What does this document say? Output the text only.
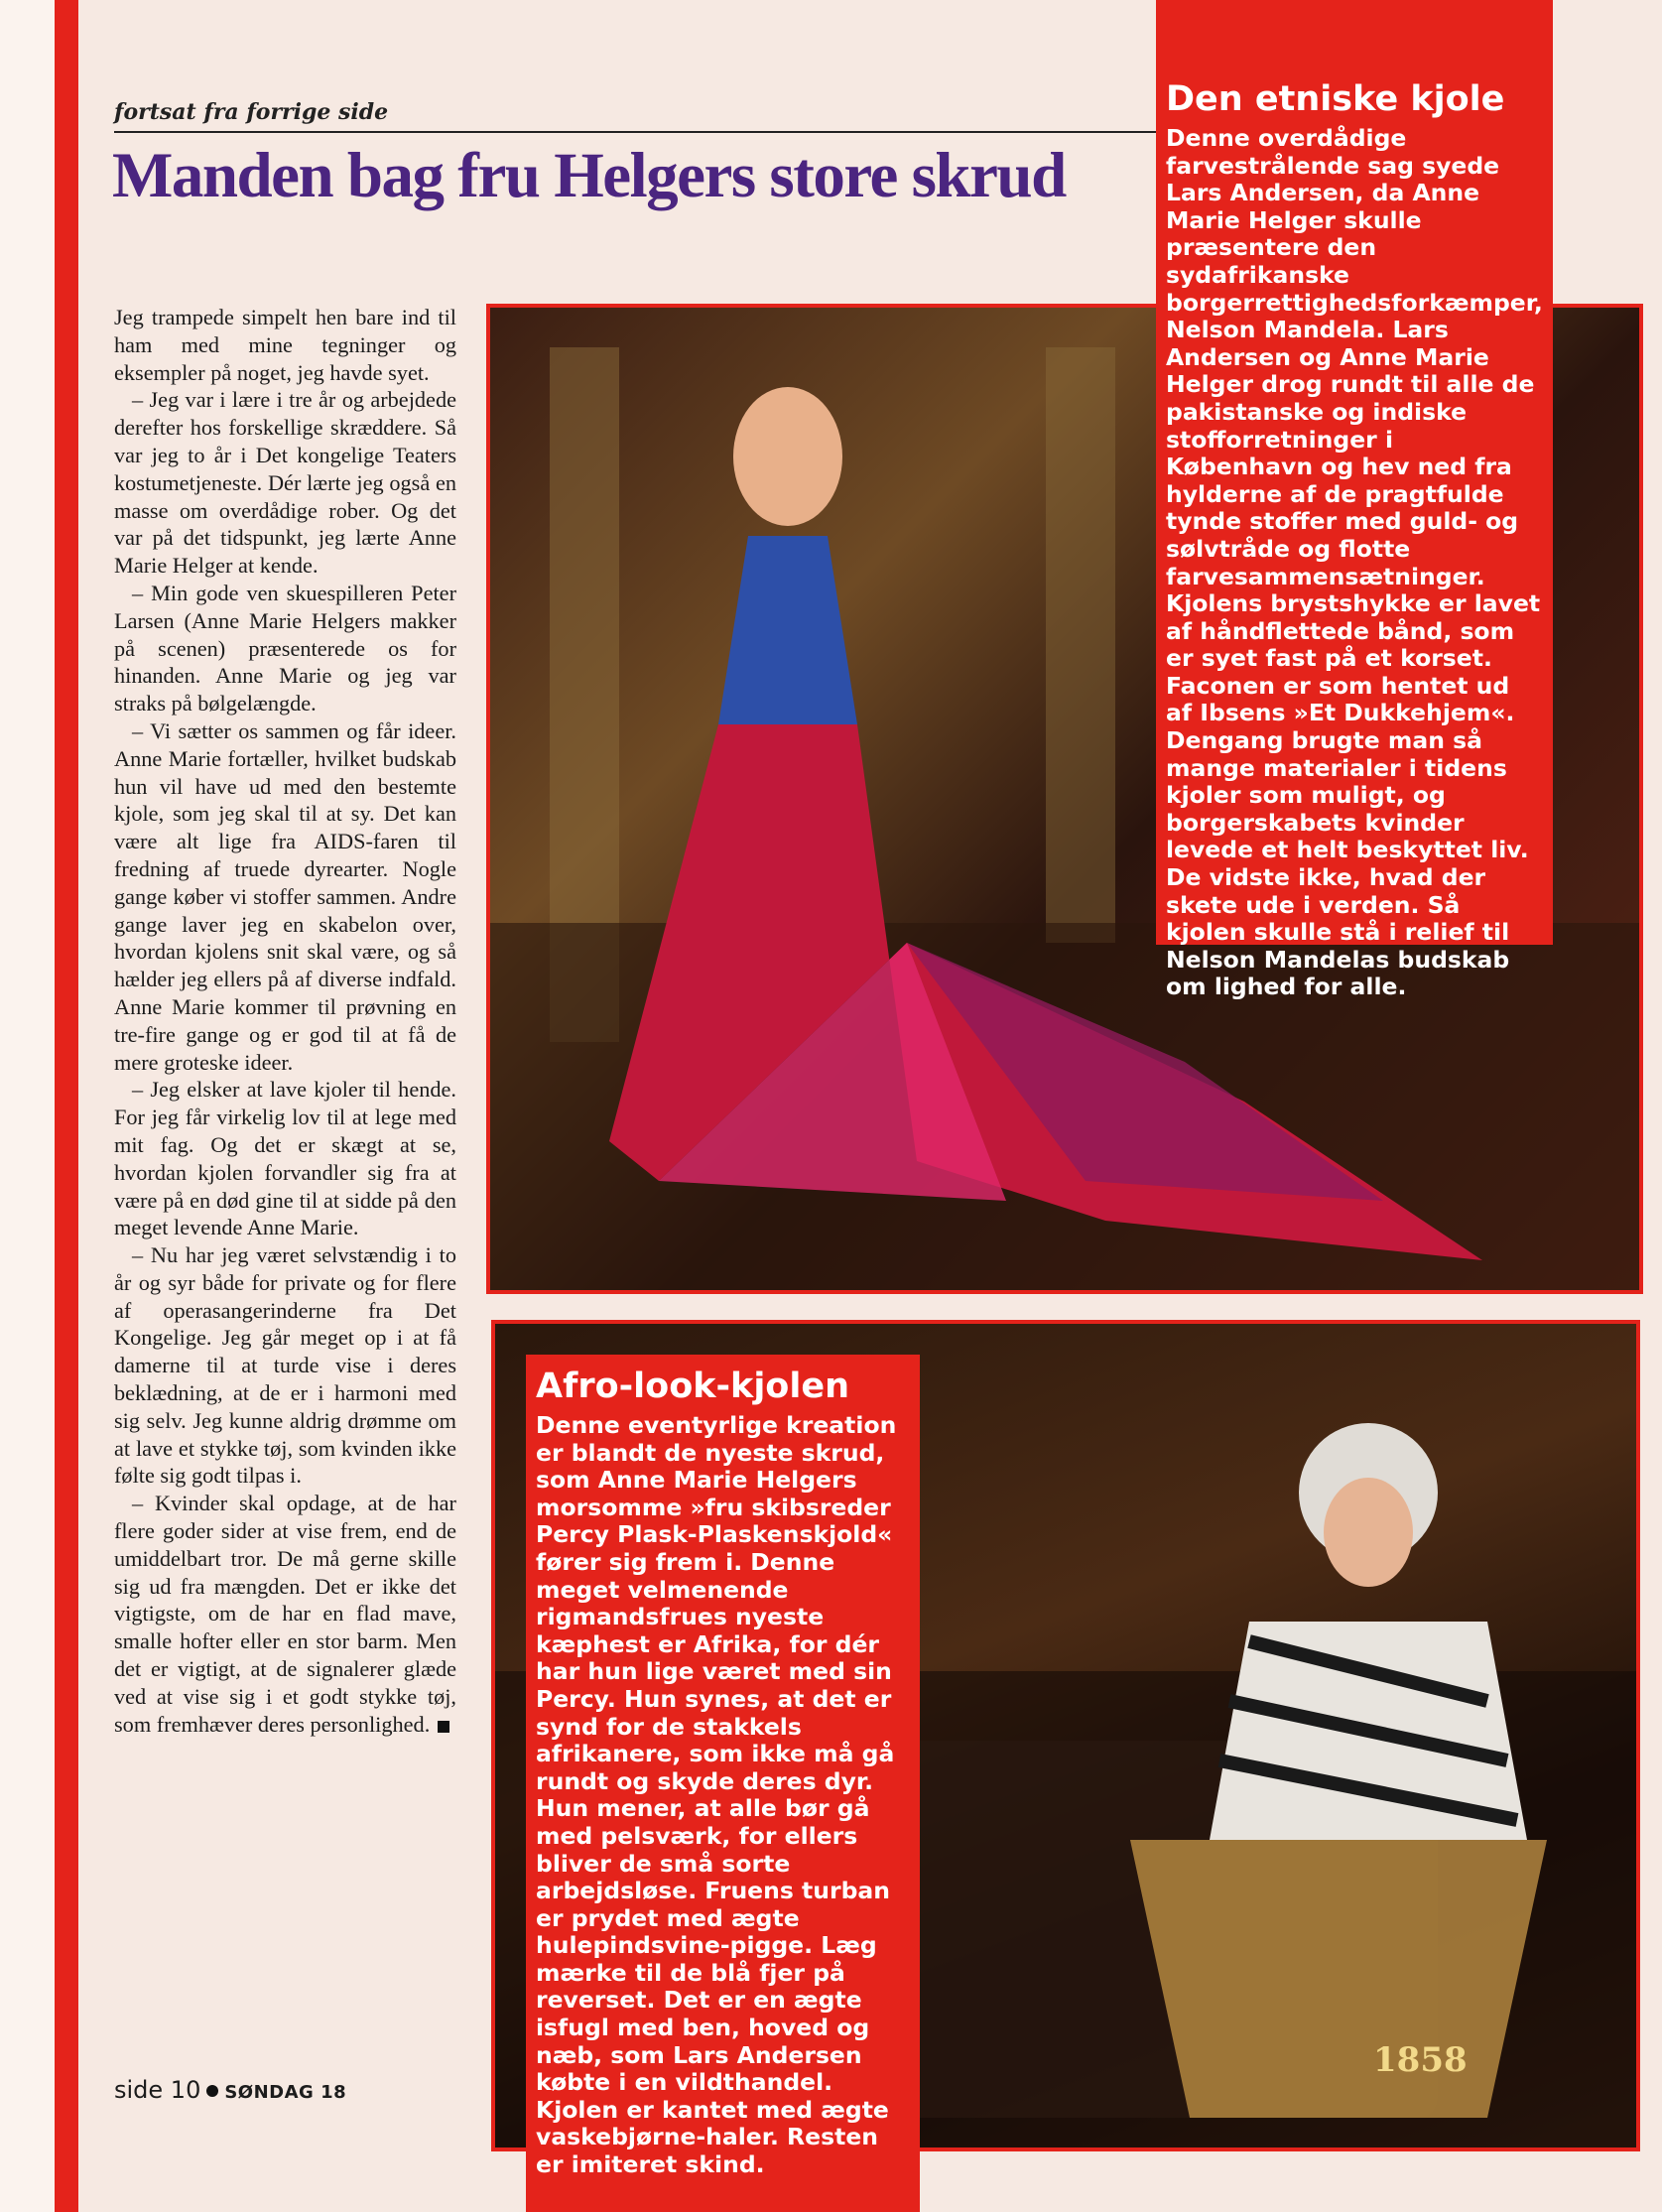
fortsat fra forrige side
Manden bag fru Helgers store skrud

Jeg trampede simpelt hen bare ind til ham med mine tegninger og eksempler på noget, jeg havde syet.

– Jeg var i lære i tre år og arbejdede derefter hos forskellige skræddere. Så var jeg to år i Det kongelige Teaters kostumetjeneste. Dér lærte jeg også en masse om overdådige rober. Og det var på det tidspunkt, jeg lærte Anne Marie Helger at kende.

– Min gode ven skuespilleren Peter Larsen (Anne Marie Helgers makker på scenen) præsenterede os for hinanden. Anne Marie og jeg var straks på bølgelængde.

– Vi sætter os sammen og får ideer. Anne Marie fortæller, hvilket budskab hun vil have ud med den bestemte kjole, som jeg skal til at sy. Det kan være alt lige fra AIDS-faren til fredning af truede dyrearter. Nogle gange køber vi stoffer sammen. Andre gange laver jeg en skabelon over, hvordan kjolens snit skal være, og så hælder jeg ellers på af diverse indfald. Anne Marie kommer til prøvning en tre-fire gange og er god til at få de mere groteske ideer.

– Jeg elsker at lave kjoler til hende. For jeg får virkelig lov til at lege med mit fag. Og det er skægt at se, hvordan kjolen forvandler sig fra at være på en død gine til at sidde på den meget levende Anne Marie.

– Nu har jeg været selvstændig i to år og syr både for private og for flere af operasangerinderne fra Det Kongelige. Jeg går meget op i at få damerne til at turde vise i deres beklædning, at de er i harmoni med sig selv. Jeg kunne aldrig drømme om at lave et stykke tøj, som kvinden ikke følte sig godt tilpas i.

– Kvinder skal opdage, at de har flere goder sider at vise frem, end de umiddelbart tror. De må gerne skille sig ud fra mængden. Det er ikke det vigtigste, om de har en flad mave, smalle hofter eller en stor barm. Men det er vigtigt, at de signalerer glæde ved at vise sig i et godt stykke tøj, som fremhæver deres personlighed.

side 10 SØNDAG 18
1858
Den etniske kjole
Denne overdådige farvestrålende sag syede Lars Andersen, da Anne Marie Helger skulle præsentere den sydafrikanske borgerrettighedsforkæmper, Nelson Mandela. Lars Andersen og Anne Marie Helger drog rundt til alle de pakistanske og indiske stofforretninger i København og hev ned fra hylderne af de pragtfulde tynde stoffer med guld- og sølvtråde og flotte farvesammensætninger. Kjolens brystshykke er lavet af håndflettede bånd, som er syet fast på et korset. Faconen er som hentet ud af Ibsens »Et Dukkehjem«. Dengang brugte man så mange materialer i tidens kjoler som muligt, og borgerskabets kvinder levede et helt beskyttet liv. De vidste ikke, hvad der skete ude i verden. Så kjolen skulle stå i relief til Nelson Mandelas budskab om lighed for alle.
Afro-look-kjolen
Denne eventyrlige kreation er blandt de nyeste skrud, som Anne Marie Helgers morsomme »fru skibsreder Percy Plask-Plaskenskjold« fører sig frem i. Denne meget velmenende rigmandsfrues nyeste kæphest er Afrika, for dér har hun lige været med sin Percy. Hun synes, at det er synd for de stakkels afrikanere, som ikke må gå rundt og skyde deres dyr. Hun mener, at alle bør gå med pelsværk, for ellers bliver de små sorte arbejdsløse. Fruens turban er prydet med ægte hulepindsvine-pigge. Læg mærke til de blå fjer på reverset. Det er en ægte isfugl med ben, hoved og næb, som Lars Andersen købte i en vildthandel. Kjolen er kantet med ægte vaskebjørne-haler. Resten er imiteret skind.
